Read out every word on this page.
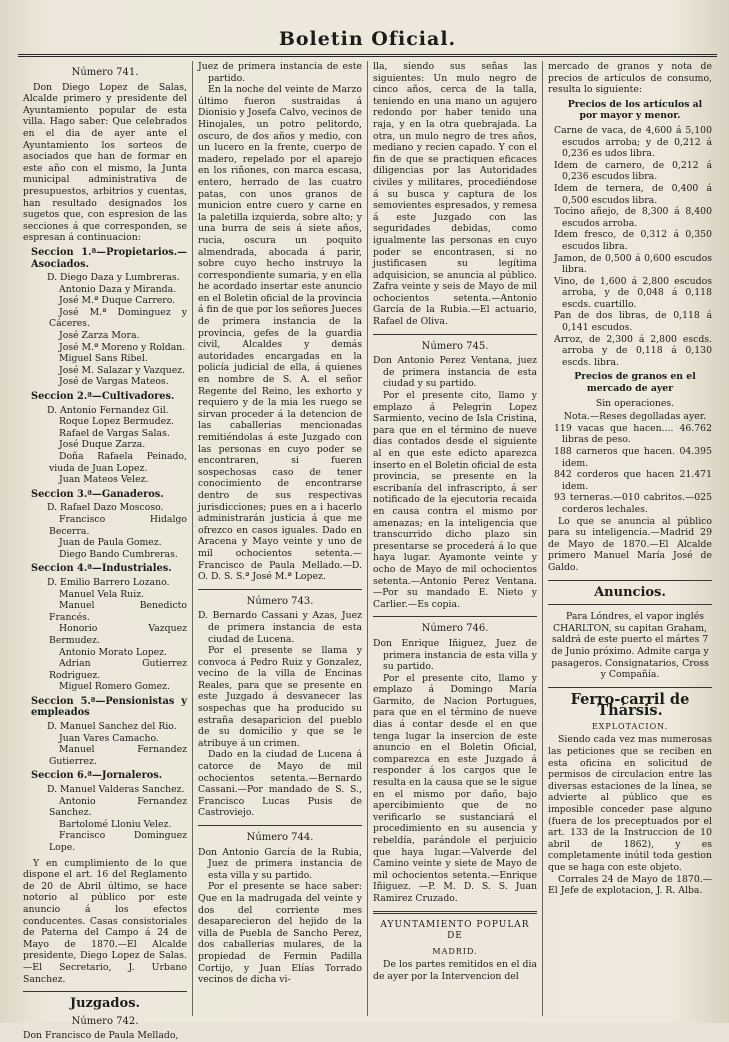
Boletin Oficial.
Número 741.

Don Diego Lopez de Salas, Alcalde primero y presidente del Ayuntamiento popular de esta villa. Hago saber: Que celebrados en el dia de ayer ante el Ayuntamiento los sorteos de asociados que han de formar en este año con el mismo, la Junta municipal administrativa de presupuestos, arbitrios y cuentas, han resultado designados los sugetos que, con espresion de las secciones á que corresponden, se espresan á continuacion:

Seccion 1.ª—Propietarios.—Asociados.

D. Diego Daza y Lumbreras.

Antonio Daza y Miranda.

José M.ª Duque Carrero.

José M.ª Dominguez y Cáceres.

José Zarza Mora.

José M.ª Moreno y Roldan.

Miguel Sans Ribel.

José M. Salazar y Vazquez.

José de Vargas Mateos.

Seccion 2.ª—Cultivadores.

D. Antonio Fernandez Gil.

Roque Lopez Bermudez.

Rafael de Vargas Salas.

José Duque Zarza.

Doña Rafaela Peinado, viuda de Juan Lopez.

Juan Mateos Velez.

Seccion 3.ª—Ganaderos.

D. Rafael Dazo Moscoso.

Francisco Hidalgo Becerra.

Juan de Paula Gomez.

Diego Bando Cumbreras.

Seccion 4.ª—Industriales.

D. Emilio Barrero Lozano.

Manuel Vela Ruiz.

Manuel Benedicto Francés.

Honorio Vazquez Bermudez.

Antonio Morato Lopez.

Adrian Gutierrez Rodriguez.

Miguel Romero Gomez.

Seccion 5.ª—Pensionistas y empleados

D. Manuel Sanchez del Rio.

Juan Vares Camacho.

Manuel Fernandez Gutierrez.

Seccion 6.ª—Jornaleros.

D. Manuel Valderas Sanchez.

Antonio Fernandez Sanchez.

Bartolomé Lloniu Velez.

Francisco Dominguez Lope.

Y en cumplimiento de lo que dispone el art. 16 del Reglamento de 20 de Abril último, se hace notorio al público por este anuncio á los efectos conducentes. Casas consistoriales de Paterna del Campo á 24 de Mayo de 1870.—El Alcalde presidente, Diego Lopez de Salas.—El Secretario, J. Urbano Sanchez.

Juzgados.
Número 742.

Don Francisco de Paula Mellado,

Juez de primera instancia de este partido.

En la noche del veinte de Marzo último fueron sustraidas á Dionisio y Josefa Calvo, vecinos de Hinojales, un potro pelitordo, oscuro, de dos años y medio, con un lucero en la frente, cuerpo de madero, repelado por el aparejo en los riñones, con marca escasa, entero, herrado de las cuatro patas, con unos granos de municion entre cuero y carne en la paletilla izquierda, sobre alto; y una burra de seis á siete años, rucia, oscura un poquito almendrada, abocada á parir, sobre cuyo hecho instruyo la correspondiente sumaria, y en ella he acordado insertar este anuncio en el Boletin oficial de la provincia á fin de que por los señores Jueces de primera instancia de la provincia, gefes de la guardia civil, Alcaldes y demás autoridades encargadas en la policía judicial de ella, á quienes en nombre de S. A. el señor Regente del Reino, les exhorto y requiero y de la mia les ruego se sirvan proceder á la detencion de las caballerias mencionadas remitiéndolas á este Juzgado con las personas en cuyo poder se encontraren, si fueren sospechosas caso de tener conocimiento de encontrarse dentro de sus respectivas jurisdicciones; pues en a i hacerlo administrarán justicia á que me ofrezco en casos iguales. Dado en Aracena y Mayo veinte y uno de mil ochocientos setenta.—Francisco de Paula Mellado.—D. O. D. S. S.ª José M.ª Lopez.

Número 743.

D. Bernardo Cassani y Azas, Juez de primera instancia de esta ciudad de Lucena.

Por el presente se llama y convoca á Pedro Ruiz y Gonzalez, vecino de la villa de Encinas Reales, para que se presente en este Juzgado á desvanecer las sospechas que ha producido su estraña desaparicion del pueblo de su domicilio y que se le atribuye á un crimen.

Dado en la ciudad de Lucena á catorce de Mayo de mil ochocientos setenta.—Bernardo Cassani.—Por mandado de S. S., Francisco Lucas Pusis de Castroviejo.

Número 744.

Don Antonio García de la Rubia, Juez de primera instancia de esta villa y su partido.

Por el presente se hace saber: Que en la madrugada del veinte y dos del corriente mes desaparecieron del hejido de la villa de Puebla de Sancho Perez, dos caballerias mulares, de la propiedad de Fermin Padilla Cortijo, y Juan Elías Torrado vecinos de dicha vi-

lla, siendo sus señas las siguientes: Un mulo negro de cinco años, cerca de la talla, teniendo en una mano un agujero redondo por haber tenido una raja, y en la otra quebrajada. La otra, un mulo negro de tres años, mediano y recien capado. Y con el fin de que se practiquen eficaces diligencias por las Autoridades civiles y militares, procediéndose á su busca y captura de los semovientes espresados, y remesa á este Juzgado con las seguridades debidas, como igualmente las personas en cuyo poder se encontrasen, si no justificasen su legítima adquisicion, se anuncia al público. Zafra veinte y seis de Mayo de mil ochocientos setenta.—Antonio García de la Rubia.—El actuario, Rafael de Oliva.

Número 745.

Don Antonio Perez Ventana, juez de primera instancia de esta ciudad y su partido.

Por el presente cito, llamo y emplazo á Pelegrin Lopez Sarmiento, vecino de Isla Cristina, para que en el término de nueve dias contados desde el siguiente al en que este edicto aparezca inserto en el Boletin oficial de esta provincia, se presente en la escribanía del infrascripto, á ser notificado de la ejecutoria recaida en causa contra el mismo por amenazas; en la inteligencia que transcurrido dicho plazo sin presentarse se procederá á lo que haya lugar. Ayamonte veinte y ocho de Mayo de mil ochocientos setenta.—Antonio Perez Ventana.—Por su mandado E. Nieto y Carlier.—Es copia.

Número 746.

Don Enrique Iñiguez, Juez de primera instancia de esta villa y su partido.

Por el presente cito, llamo y emplazo á Domingo María Garmito, de Nacion Portugues, para que en el término de nueve dias á contar desde el en que tenga lugar la insercion de este anuncio en el Boletin Oficial, comparezca en este Juzgado á responder á los cargos que le resulta en la causa que se le sigue en el mismo por daño, bajo apercibimiento que de no verificarlo se sustanciará el procedimiento en su ausencia y rebeldía, parándole el perjuicio que haya lugar.—Valverde del Camino veinte y siete de Mayo de mil ochocientos setenta.—Enrique Iñiguez. —P. M. D. S. S. Juan Ramirez Cruzado.

AYUNTAMIENTO POPULAR DE
MADRID.

De los partes remitidos en el dia de ayer por la Intervencion del

mercado de granos y nota de precios de artículos de consumo, resulta lo siguiente:

Precios de los artículos al por mayor y menor.

Carne de vaca, de 4,600 á 5,100 escudos arroba; y de 0,212 á 0,236 es udos libra.

Idem de carnero, de 0,212 á 0,236 escudos libra.

Idem de ternera, de 0,400 á 0,500 escudos libra.

Tocino añejo, de 8,300 á 8,400 escudos arroba.

Idem fresco, de 0,312 á 0,350 escudos libra.

Jamon, de 0,500 á 0,600 escudos libra.

Vino, de 1,600 á 2,800 escudos arroba, y de 0,048 á 0,118 escds. cuartillo.

Pan de dos libras, de 0,118 á 0,141 escudos.

Arroz, de 2,300 á 2,800 escds. arroba y de 0,118 á 0,130 escds. libra.

Precios de granos en el mercado de ayer

Sin operaciones.

Nota.—Reses degolladas ayer.

119 vacas que hacen.... 46.762 libras de peso.

188 carneros que hacen. 04.395 idem.

842 corderos que hacen 21.471 idem.

93 terneras.—010 cabritos.—025 corderos lechales.

Lo que se anuncia al público para su inteligencia.—Madrid 29 de Mayo de 1870.—El Alcalde primero Manuel María José de Galdo.

Anuncios.

Para Lóndres, el vapor inglés CHARLTON, su capitan Graham, saldrá de este puerto el mártes 7 de Junio próximo. Admite carga y pasageros. Consignatarios, Cross y Compañía.

Ferro-carril de Thársis.
EXPLOTACION.

Siendo cada vez mas numerosas las peticiones que se reciben en esta oficina en solicitud de permisos de circulacion entre las diversas estaciones de la línea, se advierte al público que es imposible conceder pase alguno (fuera de los preceptuados por el art. 133 de la Instruccion de 10 abril de 1862), y es completamente inútil toda gestion que se haga con este objeto.

Corrales 24 de Mayo de 1870.—El Jefe de explotacion, J. R. Alba.
